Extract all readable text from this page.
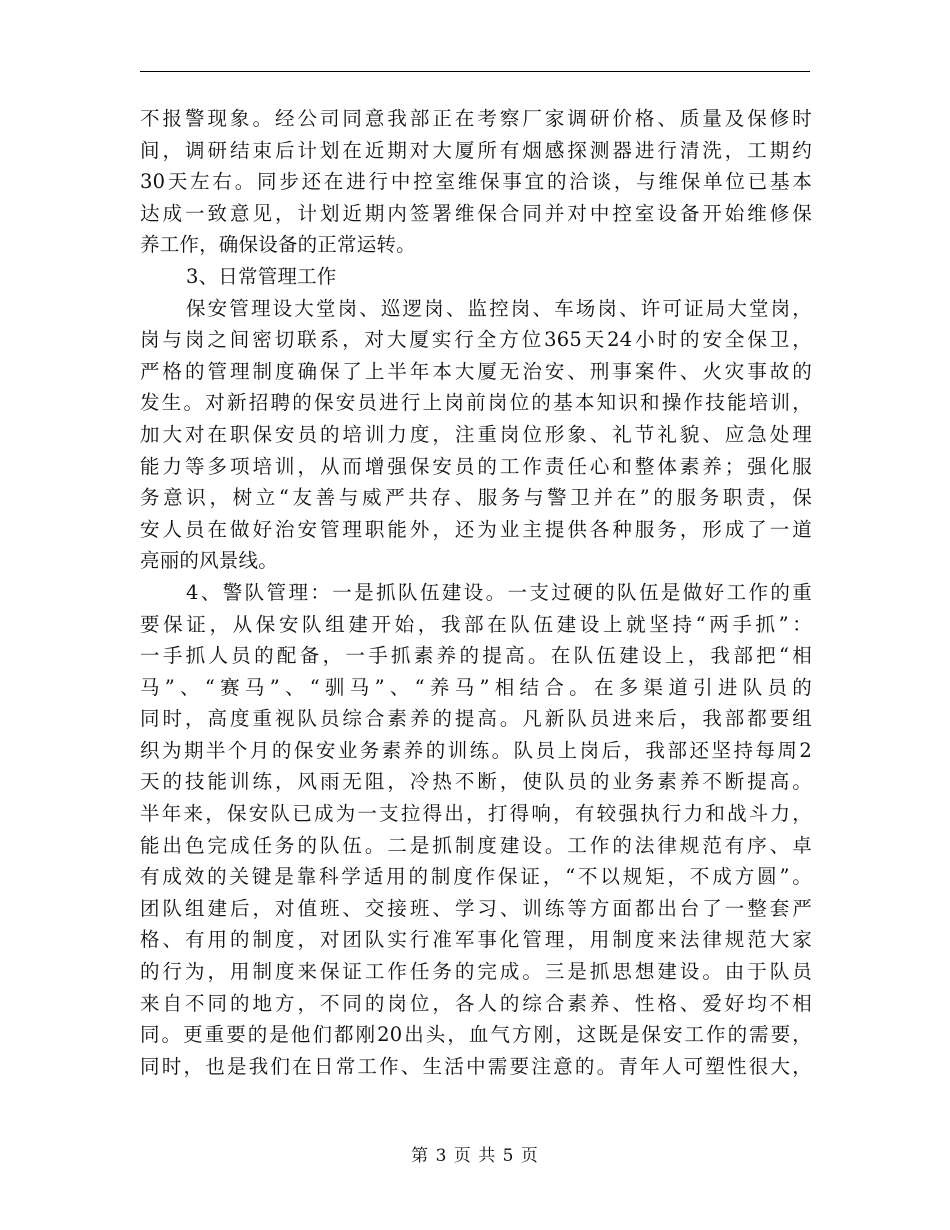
不报警现象。经公司同意我部正在考察厂家调研价格、质量及保修时
间，调研结束后计划在近期对大厦所有烟感探测器进行清洗，工期约
30天左右。同步还在进行中控室维保事宜的洽谈，与维保单位已基本
达成一致意见，计划近期内签署维保合同并对中控室设备开始维修保
养工作，确保设备的正常运转。
3、日常管理工作
保安管理设大堂岗、巡逻岗、监控岗、车场岗、许可证局大堂岗，
岗与岗之间密切联系，对大厦实行全方位365天24小时的安全保卫，
严格的管理制度确保了上半年本大厦无治安、刑事案件、火灾事故的
发生。对新招聘的保安员进行上岗前岗位的基本知识和操作技能培训，
加大对在职保安员的培训力度，注重岗位形象、礼节礼貌、应急处理
能力等多项培训，从而增强保安员的工作责任心和整体素养；强化服
务意识，树立“友善与威严共存、服务与警卫并在”的服务职责，保
安人员在做好治安管理职能外，还为业主提供各种服务，形成了一道
亮丽的风景线。
4、警队管理：一是抓队伍建设。一支过硬的队伍是做好工作的重
要保证，从保安队组建开始，我部在队伍建设上就坚持“两手抓”：
一手抓人员的配备，一手抓素养的提高。在队伍建设上，我部把“相
马”、“赛马”、“驯马”、“养马”相结合。在多渠道引进队员的
同时，高度重视队员综合素养的提高。凡新队员进来后，我部都要组
织为期半个月的保安业务素养的训练。队员上岗后，我部还坚持每周2
天的技能训练，风雨无阻，冷热不断，使队员的业务素养不断提高。
半年来，保安队已成为一支拉得出，打得响，有较强执行力和战斗力，
能出色完成任务的队伍。二是抓制度建设。工作的法律规范有序、卓
有成效的关键是靠科学适用的制度作保证，“不以规矩，不成方圆”。
团队组建后，对值班、交接班、学习、训练等方面都出台了一整套严
格、有用的制度，对团队实行准军事化管理，用制度来法律规范大家
的行为，用制度来保证工作任务的完成。三是抓思想建设。由于队员
来自不同的地方，不同的岗位，各人的综合素养、性格、爱好均不相
同。更重要的是他们都刚20出头，血气方刚，这既是保安工作的需要，
同时，也是我们在日常工作、生活中需要注意的。青年人可塑性很大，
第 3 页 共 5 页
